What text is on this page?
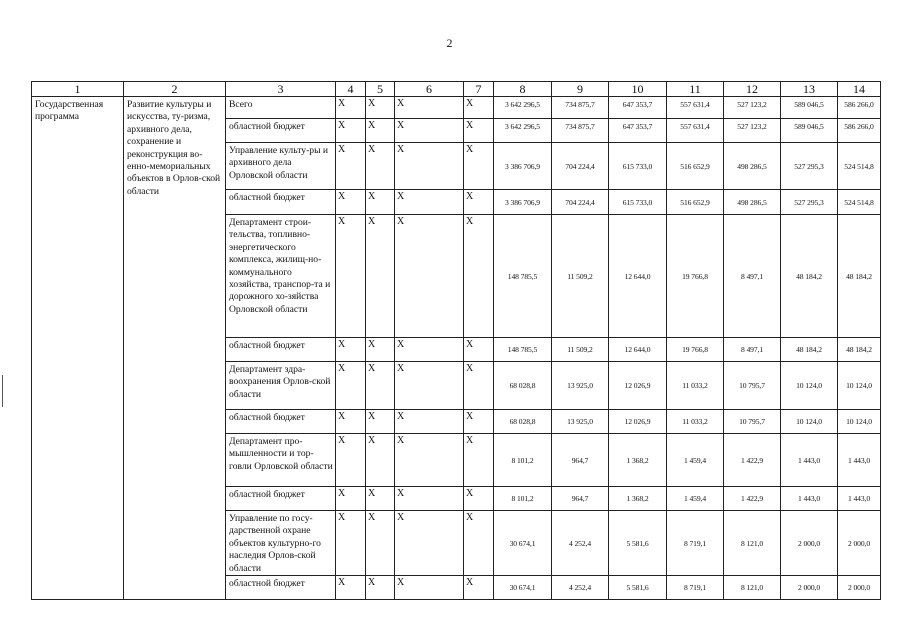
2
1	2	3	4	5	6	7	8	9	10	11	12	13	14
Государственная программа	Развитие культуры и искусства, ту-ризма, архивного дела, сохранение и реконструкция во-енно-мемориальных объектов в Орлов-ской области	Всего	X	X	X	X	3 642 296,5	734 875,7	647 353,7	557 631,4	527 123,2	589 046,5	586 266,0
		областной бюджет	X	X	X	X	3 642 296,5	734 875,7	647 353,7	557 631,4	527 123,2	589 046,5	586 266,0
		Управление культу-ры и архивного дела Орловской области	X	X	X	X	3 386 706,9	704 224,4	615 733,0	516 652,9	498 286,5	527 295,3	524 514,8
		областной бюджет	X	X	X	X	3 386 706,9	704 224,4	615 733,0	516 652,9	498 286,5	527 295,3	524 514,8
		Департамент строи-тельства, топливно-энергетического комплекса, жилищ-но-коммунального хозяйства, транспор-та и дорожного хо-зяйства Орловской области	X	X	X	X	148 785,5	11 509,2	12 644,0	19 766,8	8 497,1	48 184,2	48 184,2
		областной бюджет	X	X	X	X	148 785,5	11 509,2	12 644,0	19 766,8	8 497,1	48 184,2	48 184,2
		Департамент здра-воохранения Орлов-ской области	X	X	X	X	68 028,8	13 925,0	12 026,9	11 033,2	10 795,7	10 124,0	10 124,0
		областной бюджет	X	X	X	X	68 028,8	13 925,0	12 026,9	11 033,2	10 795,7	10 124,0	10 124,0
		Департамент про-мышленности и тор-говли Орловской области	X	X	X	X	8 101,2	964,7	1 368,2	1 459,4	1 422,9	1 443,0	1 443,0
		областной бюджет	X	X	X	X	8 101,2	964,7	1 368,2	1 459,4	1 422,9	1 443,0	1 443,0
		Управление по госу-дарственной охране объектов культурно-го наследия Орлов-ской области	X	X	X	X	30 674,1	4 252,4	5 581,6	8 719,1	8 121,0	2 000,0	2 000,0
		областной бюджет	X	X	X	X	30 674,1	4 252,4	5 581,6	8 719,1	8 121,0	2 000,0	2 000,0
